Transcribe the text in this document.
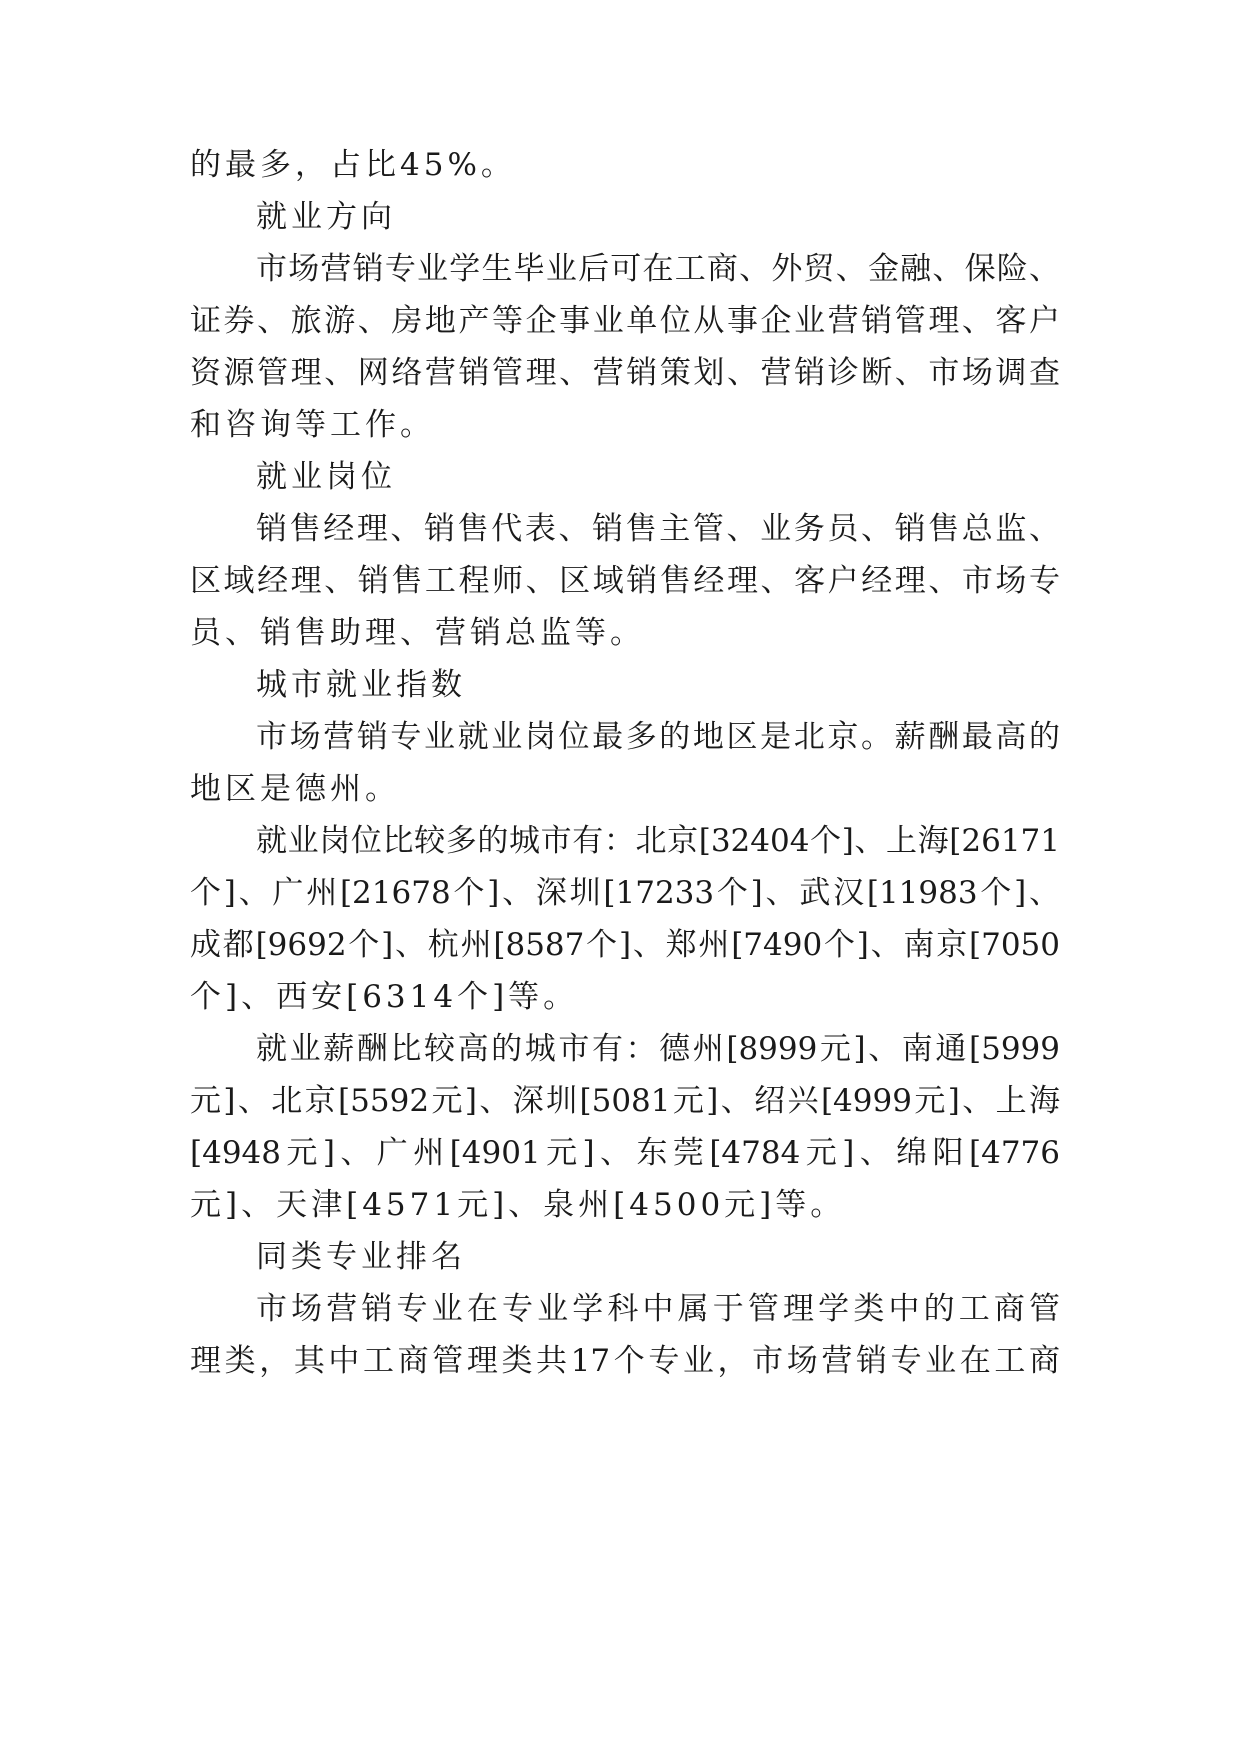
的最多，占比45%。
就业方向
市场营销专业学生毕业后可在工商、外贸、金融、保险、
证券、旅游、房地产等企事业单位从事企业营销管理、客户
资源管理、网络营销管理、营销策划、营销诊断、市场调查
和咨询等工作。
就业岗位
销售经理、销售代表、销售主管、业务员、销售总监、
区域经理、销售工程师、区域销售经理、客户经理、市场专
员、销售助理、营销总监等。
城市就业指数
市场营销专业就业岗位最多的地区是北京。薪酬最高的
地区是德州。
就业岗位比较多的城市有：北京[32404个]、上海[26171
个]、广州[21678个]、深圳[17233个]、武汉[11983个]、
成都[9692个]、杭州[8587个]、郑州[7490个]、南京[7050
个]、西安[6314个]等。
就业薪酬比较高的城市有：德州[8999元]、南通[5999
元]、北京[5592元]、深圳[5081元]、绍兴[4999元]、上海
[4948元]、广州[4901元]、东莞[4784元]、绵阳[4776
元]、天津[4571元]、泉州[4500元]等。
同类专业排名
市场营销专业在专业学科中属于管理学类中的工商管
理类，其中工商管理类共17个专业，市场营销专业在工商
